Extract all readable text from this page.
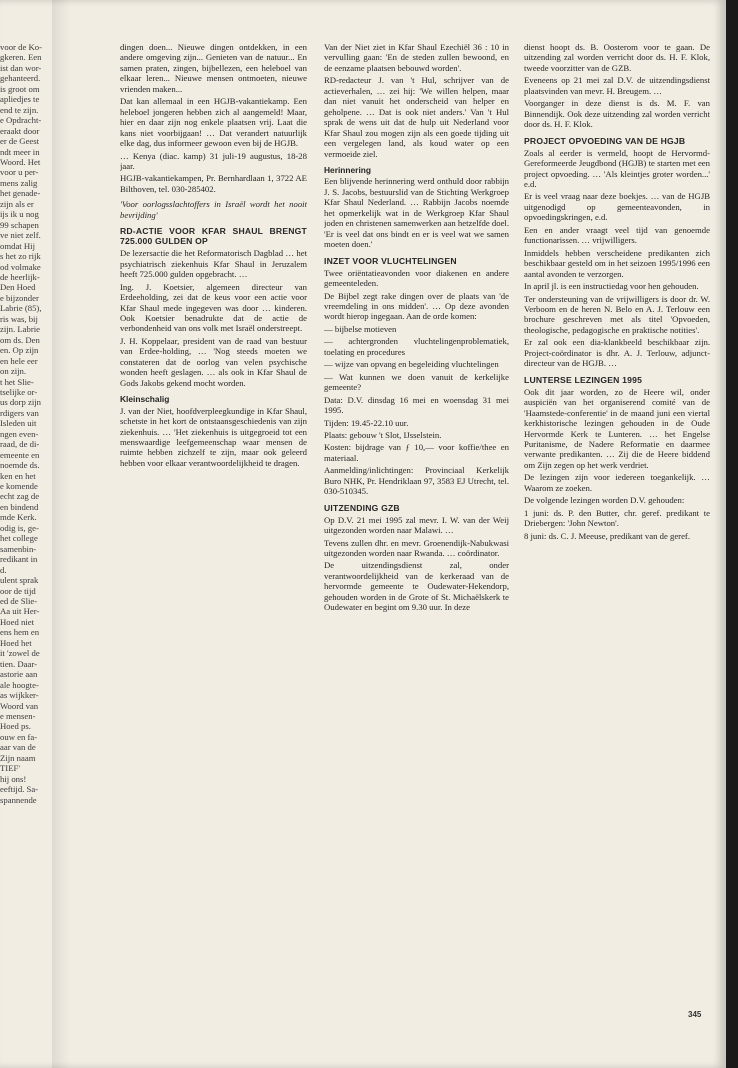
voor de Ko-
gkeren. Een
ist dan wor-
gehanteerd.
is groot om
apliedjes te
end te zijn.
e Opdracht-
eraakt door
er de Geest
ndt meer in
Woord. Het
voor u per-
mens zalig
het genade-
zijn als er
ijs ik u nog
99 schapen
ve niet zelf.
omdat Hij
s het zo rijk
od volmake
de heerlijk-
Den Hoed
e bijzonder
Labrie (85),
ris was, bij
zijn. Labrie
om ds. Den
en. Op zijn
en hele eer
on zijn.
t het Slie-
tselijke or-
us dorp zijn
rdigers van
Isleden uit
ngen even-
raad, de di-
emeente en
noemde ds.
ken en het
e komende
echt zag de
en bindend
mde Kerk.
odig is, ge-
het college
samenbin-
redikant in
d.
ulent sprak
oor de tijd
ed de Slie-
Aa uit Her-
Hoed niet
ens hem en
Hoed het
it 'zowel de
tien. Daar-
astorie aan
ale hoogte-
as wijkker-
Woord van
e mensen-
Hoed ps.
ouw en fa-
aar van de
Zijn naam
TIEF'
hij ons!
eeftijd. Sa-
spannende

dingen doen... Nieuwe dingen ontdekken, in een andere omgeving zijn... Genieten van de natuur... En samen praten, zingen, bijbellezen, een heleboel van elkaar leren... Nieuwe mensen ontmoeten, nieuwe vrienden maken...

Dat kan allemaal in een HGJB-vakantiekamp. Een heleboel jongeren hebben zich al aangemeld! Maar, hier en daar zijn nog enkele plaatsen vrij. Laat die kans niet voorbijgaan! … Dat verandert natuurlijk elke dag, dus informeer gewoon even bij de HGJB.

… Kenya (diac. kamp) 31 juli-19 augustus, 18-28 jaar.

HGJB-vakantiekampen, Pr. Bernhardlaan 1, 3722 AE Bilthoven, tel. 030-285402.

'Voor oorlogsslachtoffers in Israël wordt het nooit bevrijding'

RD-ACTIE VOOR KFAR SHAUL BRENGT 725.000 GULDEN OP

De lezersactie die het Reformatorisch Dagblad … het psychiatrisch ziekenhuis Kfar Shaul in Jeruzalem heeft 725.000 gulden opgebracht. …

Ing. J. Koetsier, algemeen directeur van Erdeeholding, zei dat de keus voor een actie voor Kfar Shaul mede ingegeven was door … kinderen. Ook Koetsier benadrukte dat de actie de verbondenheid van ons volk met Israël onderstreept.

J. H. Koppelaar, president van de raad van bestuur van Erdee-holding, … 'Nog steeds moeten we constateren dat de oorlog van velen psychische wonden heeft geslagen. … als ook in Kfar Shaul de Gods Jakobs gekend mocht worden.

Kleinschalig

J. van der Niet, hoofdverpleegkundige in Kfar Shaul, schetste in het kort de ontstaansgeschiedenis van zijn ziekenhuis. … 'Het ziekenhuis is uitgegroeid tot een menswaardige leefgemeenschap waar mensen de ruimte hebben zichzelf te zijn, maar ook geleerd hebben voor elkaar verantwoordelijkheid te dragen.

Van der Niet ziet in Kfar Shaul Ezechiël 36 : 10 in vervulling gaan: 'En de steden zullen bewoond, en de eenzame plaatsen bebouwd worden'.

RD-redacteur J. van 't Hul, schrijver van de actieverhalen, … zei hij: 'We willen helpen, maar dan niet vanuit het onderscheid van helper en geholpene. … Dat is ook niet anders.' Van 't Hul sprak de wens uit dat de hulp uit Nederland voor Kfar Shaul zou mogen zijn als een goede tijding uit een vergelegen land, als koud water op een vermoeide ziel.

Herinnering

Een blijvende herinnering werd onthuld door rabbijn J. S. Jacobs, bestuurslid van de Stichting Werkgroep Kfar Shaul Nederland. … Rabbijn Jacobs noemde het opmerkelijk wat in de Werkgroep Kfar Shaul joden en christenen samenwerken aan hetzelfde doel. 'Er is veel dat ons bindt en er is veel wat we samen moeten doen.'

INZET VOOR VLUCHTELINGEN

Twee oriëntatieavonden voor diakenen en andere gemeenteleden.

De Bijbel zegt rake dingen over de plaats van 'de vreemdeling in ons midden'. … Op deze avonden wordt hierop ingegaan. Aan de orde komen:

— bijbelse motieven

— achtergronden vluchtelingenproblematiek, toelating en procedures

— wijze van opvang en begeleiding vluchtelingen

— Wat kunnen we doen vanuit de kerkelijke gemeente?

Data: D.V. dinsdag 16 mei en woensdag 31 mei 1995.

Tijden: 19.45-22.10 uur.

Plaats: gebouw 't Slot, IJsselstein.

Kosten: bijdrage van ƒ 10,— voor koffie/thee en materiaal.

Aanmelding/inlichtingen: Provinciaal Kerkelijk Buro NHK, Pr. Hendriklaan 97, 3583 EJ Utrecht, tel. 030-510345.

UITZENDING GZB

Op D.V. 21 mei 1995 zal mevr. I. W. van der Weij uitgezonden worden naar Malawi. …

Tevens zullen dhr. en mevr. Groenendijk-Nabukwasi uitgezonden worden naar Rwanda. … coördinator.

De uitzendingsdienst zal, onder verantwoordelijkheid van de kerkeraad van de hervormde gemeente te Oudewater-Hekendorp, gehouden worden in de Grote of St. Michaëlskerk te Oudewater en begint om 9.30 uur. In deze

dienst hoopt ds. B. Oosterom voor te gaan. De uitzending zal worden verricht door ds. H. F. Klok, tweede voorzitter van de GZB.

Eveneens op 21 mei zal D.V. de uitzendingsdienst plaatsvinden van mevr. H. Breugem. …

Voorganger in deze dienst is ds. M. F. van Binnendijk. Ook deze uitzending zal worden verricht door ds. H. F. Klok.

PROJECT OPVOEDING VAN DE HGJB

Zoals al eerder is vermeld, hoopt de Hervormd-Gereformeerde Jeugdbond (HGJB) te starten met een project opvoeding. … 'Als kleintjes groter worden...' e.d.

Er is veel vraag naar deze boekjes. … van de HGJB uitgenodigd op gemeenteavonden, in opvoedingskringen, e.d.

Een en ander vraagt veel tijd van genoemde functionarissen. … vrijwilligers.

Inmiddels hebben verscheidene predikanten zich beschikbaar gesteld om in het seizoen 1995/1996 een aantal avonden te verzorgen.

In april jl. is een instructiedag voor hen gehouden.

Ter ondersteuning van de vrijwilligers is door dr. W. Verboom en de heren N. Belo en A. J. Terlouw een brochure geschreven met als titel 'Opvoeden, theologische, pedagogische en praktische notities'.

Er zal ook een dia-klankbeeld beschikbaar zijn. Project-coördinator is dhr. A. J. Terlouw, adjunct-directeur van de HGJB. …

LUNTERSE LEZINGEN 1995

Ook dit jaar worden, zo de Heere wil, onder auspiciën van het organiserend comité van de 'Haamstede-conferentie' in de maand juni een viertal kerkhistorische lezingen gehouden in de Oude Hervormde Kerk te Lunteren. … het Engelse Puritanisme, de Nadere Reformatie en daarmee verwante predikanten. … Zij die de Heere biddend om Zijn zegen op het werk verdriet.

De lezingen zijn voor iedereen toegankelijk. … Waarom ze zoeken.

De volgende lezingen worden D.V. gehouden:

1 juni: ds. P. den Butter, chr. geref. predikant te Driebergen: 'John Newton'.

8 juni: ds. C. J. Meeuse, predikant van de geref.

345
